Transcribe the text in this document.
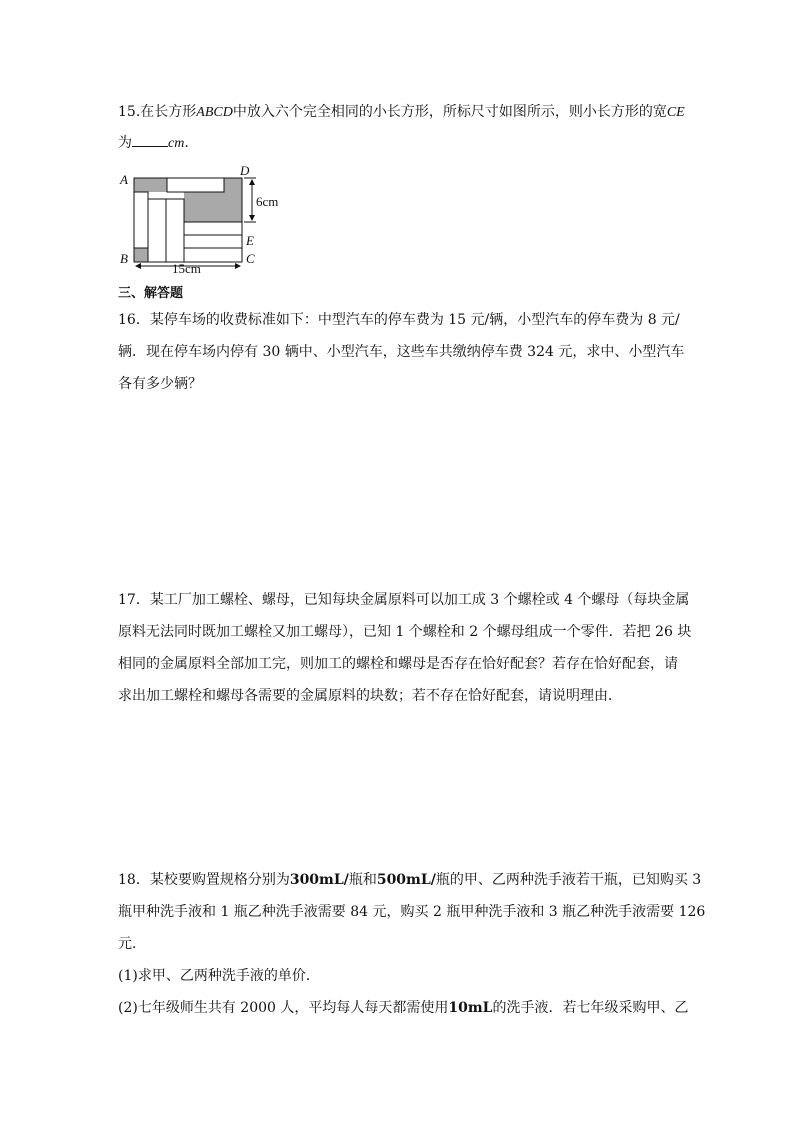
15.在长方形ABCD中放入六个完全相同的小长方形，所标尺寸如图所示，则小长方形的宽CE
为	cm.
A
B	C
D
E
6cm
15cm
三、解答题
16．某停车场的收费标准如下：中型汽车的停车费为 15 元/辆，小型汽车的停车费为 8 元/
辆．现在停车场内停有 30 辆中、小型汽车，这些车共缴纳停车费 324 元，求中、小型汽车
各有多少辆？
17．某工厂加工螺栓、螺母，已知每块金属原料可以加工成 3 个螺栓或 4 个螺母（每块金属
原料无法同时既加工螺栓又加工螺母），已知 1 个螺栓和 2 个螺母组成一个零件．若把 26 块
相同的金属原料全部加工完，则加工的螺栓和螺母是否存在恰好配套？若存在恰好配套，请
求出加工螺栓和螺母各需要的金属原料的块数；若不存在恰好配套，请说明理由．
18．某校要购置规格分别为300mL/瓶和500mL/瓶的甲、乙两种洗手液若干瓶，已知购买 3
瓶甲种洗手液和 1 瓶乙种洗手液需要 84 元，购买 2 瓶甲种洗手液和 3 瓶乙种洗手液需要 126
元．
(1)求甲、乙两种洗手液的单价．
(2)七年级师生共有 2000 人，平均每人每天都需使用10mL的洗手液．若七年级采购甲、乙
